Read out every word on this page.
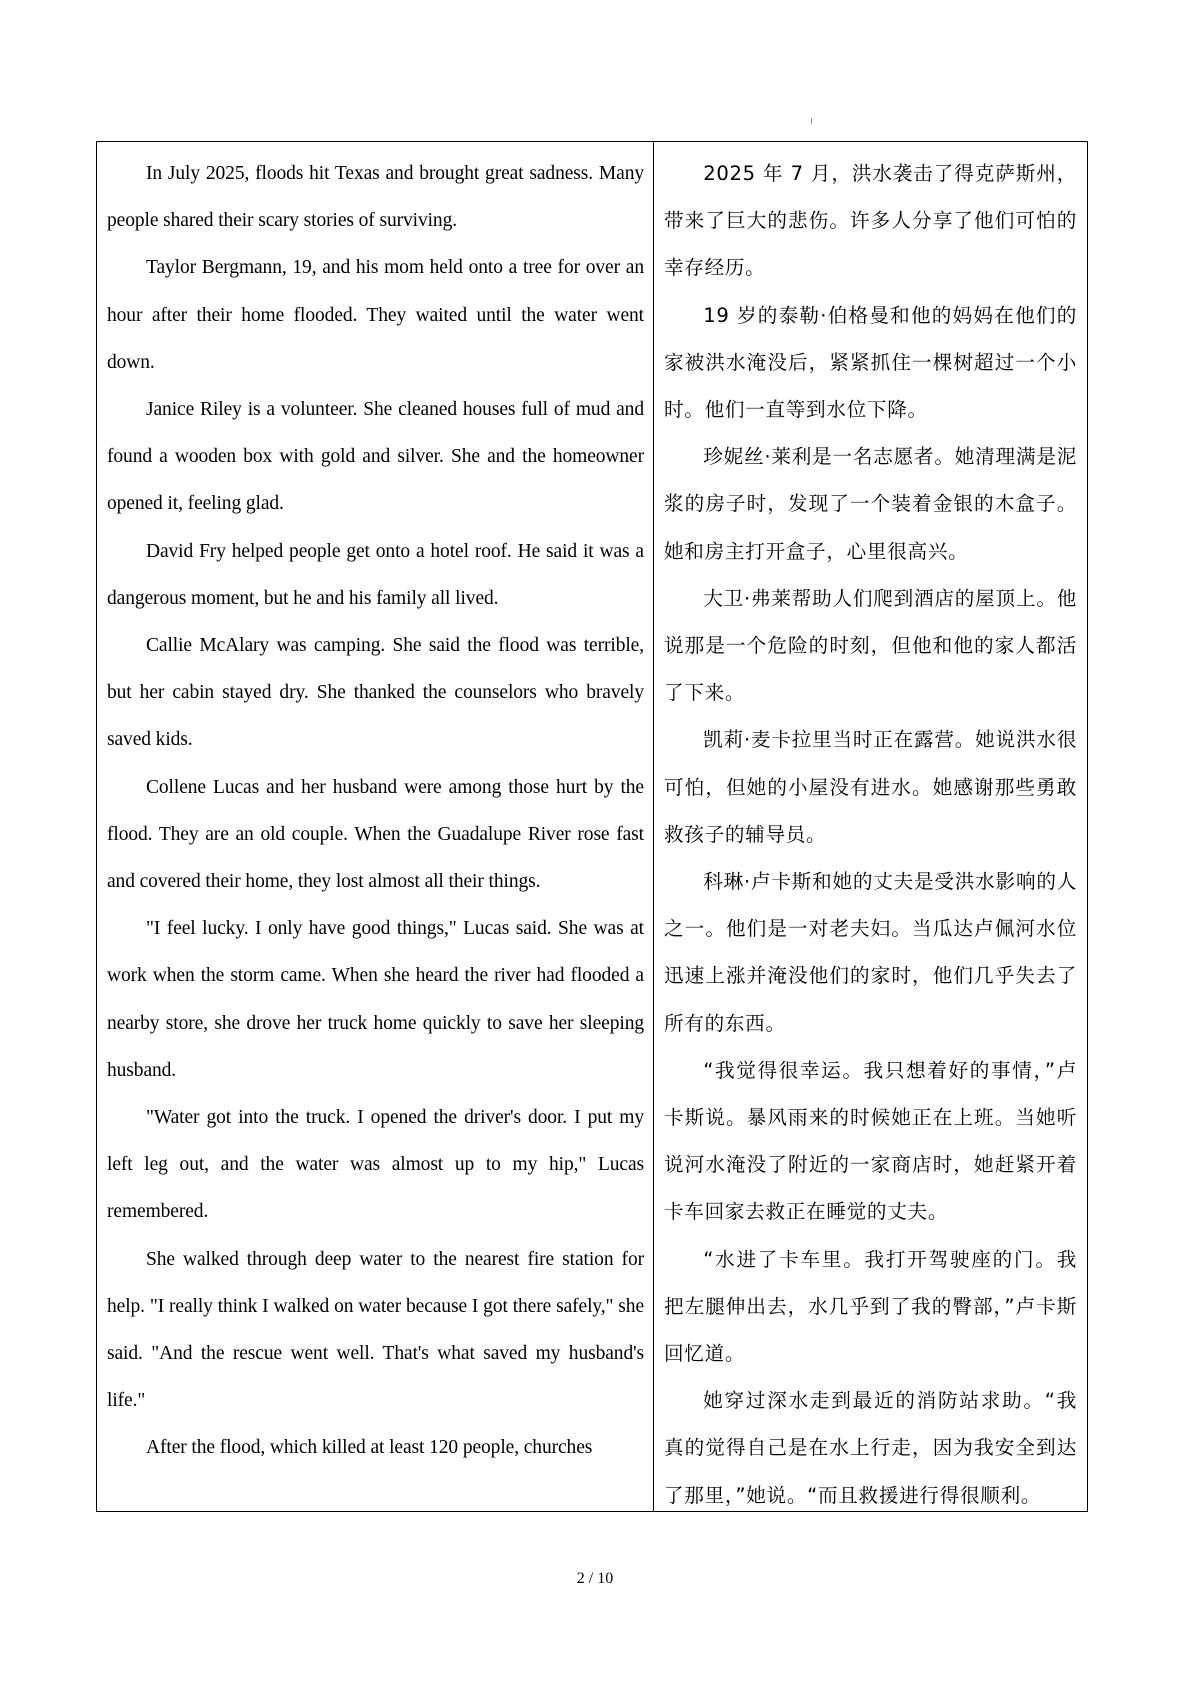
In July 2025, floods hit Texas and brought great sadness. Many people shared their scary stories of surviving.

Taylor Bergmann, 19, and his mom held onto a tree for over an hour after their home flooded. They waited until the water went down.

Janice Riley is a volunteer. She cleaned houses full of mud and found a wooden box with gold and silver. She and the homeowner opened it, feeling glad.

David Fry helped people get onto a hotel roof. He said it was a dangerous moment, but he and his family all lived.

Callie McAlary was camping. She said the flood was terrible, but her cabin stayed dry. She thanked the counselors who bravely saved kids.

Collene Lucas and her husband were among those hurt by the flood. They are an old couple. When the Guadalupe River rose fast and covered their home, they lost almost all their things.

"I feel lucky. I only have good things," Lucas said. She was at work when the storm came. When she heard the river had flooded a nearby store, she drove her truck home quickly to save her sleeping husband.

"Water got into the truck. I opened the driver's door. I put my left leg out, and the water was almost up to my hip," Lucas remembered.

She walked through deep water to the nearest fire station for help. "I really think I walked on water because I got there safely," she said. "And the rescue went well. That's what saved my husband's life."

After the flood, which killed at least 120 people, churches

2025 年 7 月，洪水袭击了得克萨斯州，带来了巨大的悲伤。许多人分享了他们可怕的幸存经历。

19 岁的泰勒·伯格曼和他的妈妈在他们的家被洪水淹没后，紧紧抓住一棵树超过一个小时。他们一直等到水位下降。

珍妮丝·莱利是一名志愿者。她清理满是泥浆的房子时，发现了一个装着金银的木盒子。她和房主打开盒子，心里很高兴。

大卫·弗莱帮助人们爬到酒店的屋顶上。他说那是一个危险的时刻，但他和他的家人都活了下来。

凯莉·麦卡拉里当时正在露营。她说洪水很可怕，但她的小屋没有进水。她感谢那些勇敢救孩子的辅导员。

科琳·卢卡斯和她的丈夫是受洪水影响的人之一。他们是一对老夫妇。当瓜达卢佩河水位迅速上涨并淹没他们的家时，他们几乎失去了所有的东西。

“我觉得很幸运。我只想着好的事情，”卢卡斯说。暴风雨来的时候她正在上班。当她听说河水淹没了附近的一家商店时，她赶紧开着卡车回家去救正在睡觉的丈夫。

“水进了卡车里。我打开驾驶座的门。我把左腿伸出去，水几乎到了我的臀部，”卢卡斯回忆道。

她穿过深水走到最近的消防站求助。“我真的觉得自己是在水上行走，因为我安全到达了那里，”她说。“而且救援进行得很顺利。

2 / 10
